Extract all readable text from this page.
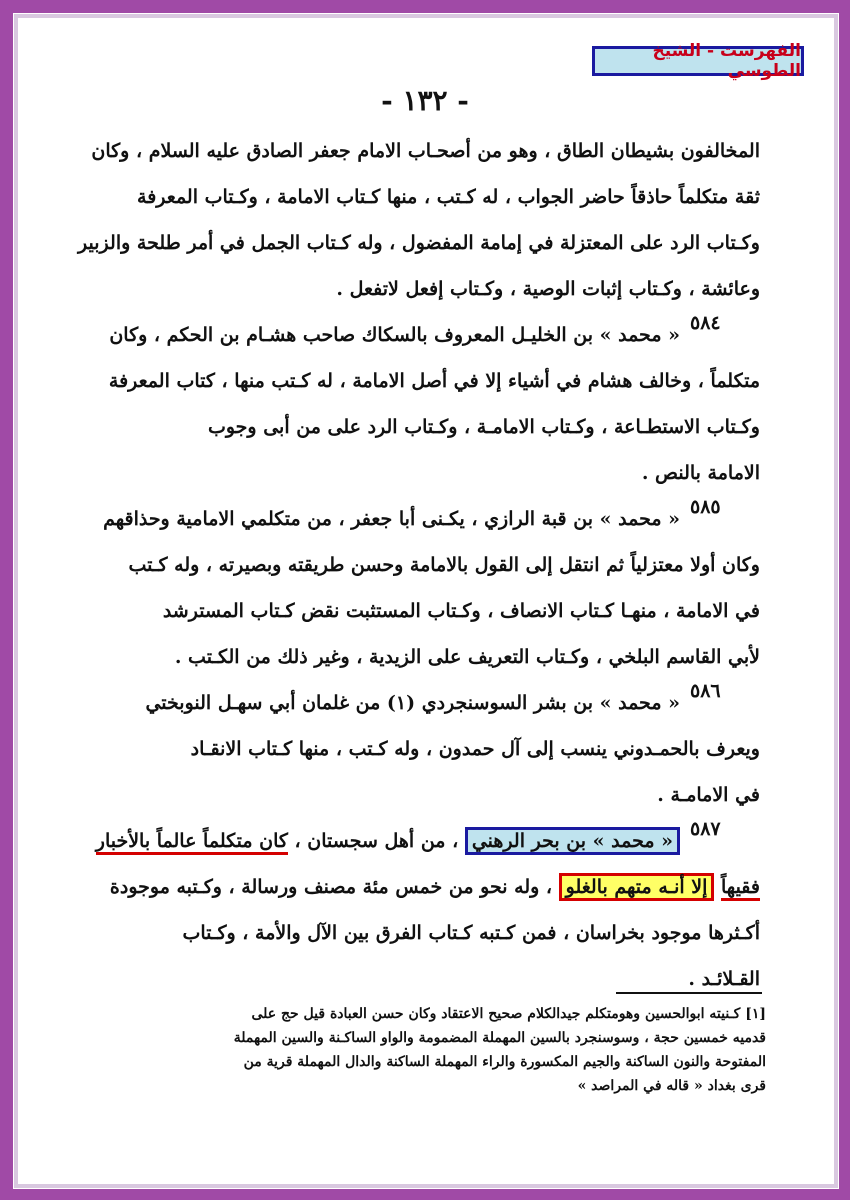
الفهرست - الشيخ الطوسي
- ١٣٢ -
المخالفون بشيطان الطاق ، وهو من أصحـاب الامام جعفر الصادق عليه السلام ، وكان
ثقة متكلماً حاذقاً حاضر الجواب ، له كـتب ، منها كـتاب الامامة ، وكـتاب المعرفة
وكـتاب الرد على المعتزلة في إمامة المفضول ، وله كـتاب الجمل في أمر طلحة والزبير
وعائشة ، وكـتاب إثبات الوصية ، وكـتاب إفعل لاتفعل .
٥٨٤
« محمد » بن الخليـل المعروف بالسكاك صاحب هشـام بن الحكم ، وكان
متكلماً ، وخالف هشام في أشياء إلا في أصل الامامة ، له كـتب منها ، كتاب المعرفة
وكـتاب الاستطـاعة ، وكـتاب الامامـة ، وكـتاب الرد على من أبى وجوب
الامامة بالنص .
٥٨٥
« محمد » بن قبة الرازي ، يكـنى أبا جعفر ، من متكلمي الامامية وحذاقهم
وكان أولا معتزلياً ثم انتقل إلى القول بالامامة وحسن طريقته وبصيرته ، وله كـتب
في الامامة ، منهـا كـتاب الانصاف ، وكـتاب المستثبت نقض كـتاب المسترشد
لأبي القاسم البلخي ، وكـتاب التعريف على الزيدية ، وغير ذلك من الكـتب .
٥٨٦
« محمد » بن بشر السوسنجردي (١) من غلمان أبي سهـل النوبختي
ويعرف بالحمـدوني ينسب إلى آل حمدون ، وله كـتب ، منها كـتاب الانقـاد
في الامامـة .
٥٨٧
« محمد » بن بحر الرهني ، من أهل سجستان ، كان متكلماً عالماً بالأخبار
فقيهاً إلا أنـه متهم بالغلو ، وله نحو من خمس مئة مصنف ورسالة ، وكـتبه موجودة
أكـثرها موجود بخراسان ، فمن كـتبه كـتاب الفرق بين الآل والأمة ، وكـتاب
القـلائـد .
[١] كـنيته ابوالحسين وهومتكلم جيدالكلام صحيح الاعتقاد وكان حسن العبادة قيل حج على
قدميه خمسين حجة ، وسوسنجرد بالسين المهملة المضمومة والواو الساكـنة والسين المهملة
المفتوحة والنون الساكنة والجيم المكسورة والراء المهملة الساكنة والدال المهملة قرية من
قرى بغداد « قاله في المراصد »
